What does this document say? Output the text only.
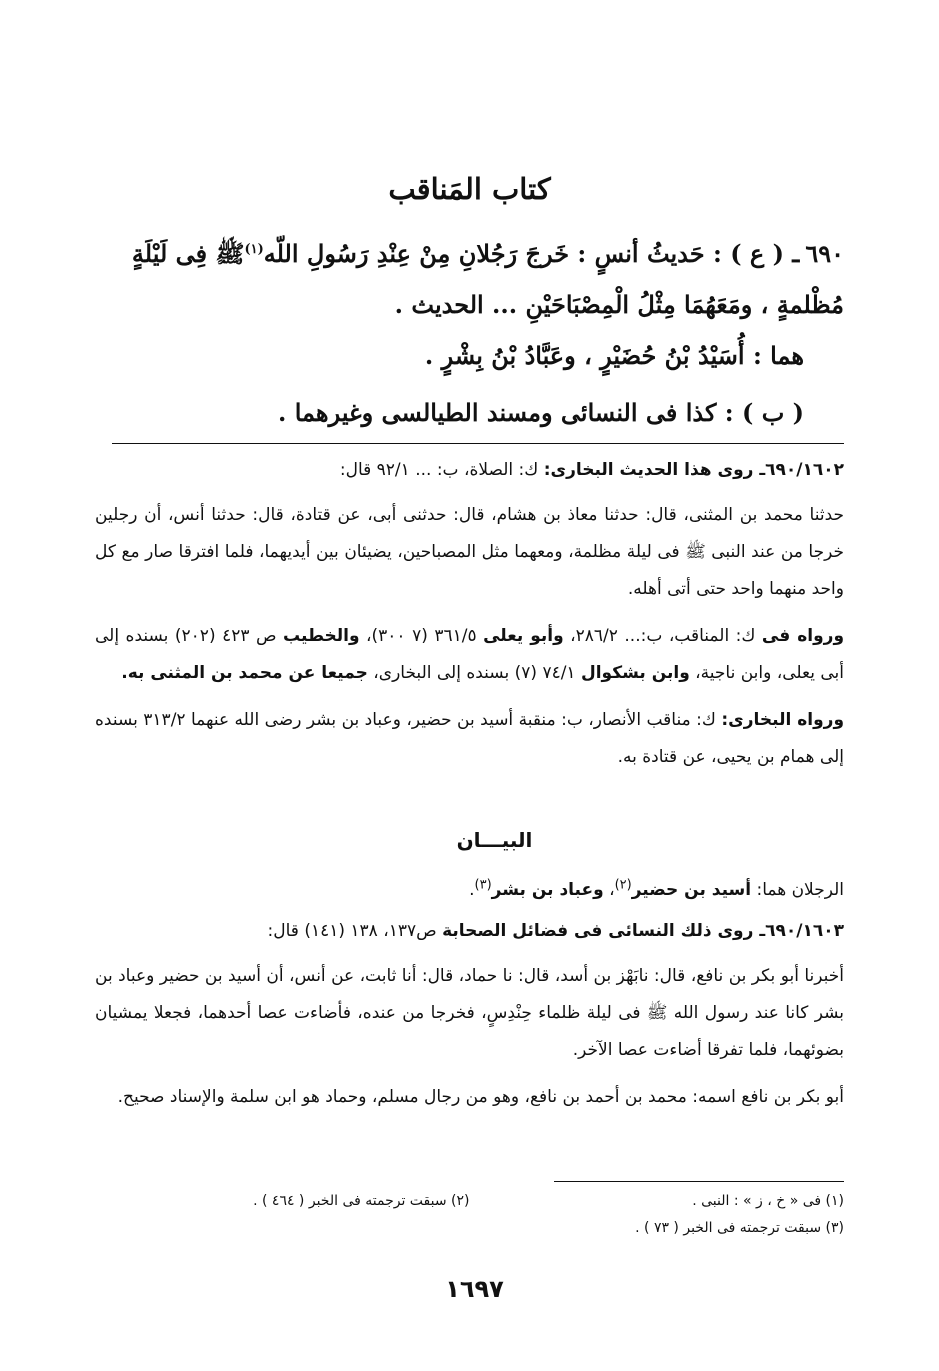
كتاب المَناقب
٦٩٠ـ ( ع ) : حَديثُ أنسٍ : خَرجَ رَجُلانِ مِنْ عِنْدِ رَسُولِ اللّه$^{(١)}$ﷺ فِى لَيْلَةٍ
مُظْلمةٍ ، ومَعَهُمَا مِثْلُ الْمِصْبَاحَيْنِ ... الحديث .
هما : أُسَيْدُ بْنُ حُضَيْرٍ ، وعَبَّادُ بْنُ بِشْرٍ .
( ب ) : كذا فى النسائى ومسند الطيالسى وغيرهما .
٦٩٠/١٦٠٢ـ روى هذا الحديث البخارى: ك: الصلاة، ب: ... ٩٢/١ قال:
حدثنا محمد بن المثنى، قال: حدثنا معاذ بن هشام، قال: حدثنى أبى، عن قتادة، قال: حدثنا أنس، أن رجلين خرجا من عند النبى ﷺ فى ليلة مظلمة، ومعهما مثل المصباحين، يضيئان بين أيديهما، فلما افترقا صار مع كل واحد منهما واحد حتى أتى أهله.
ورواه فى ك: المناقب، ب:... ٢٨٦/٢، وأبو يعلى ٣٦١/٥ (٧ ٣٠٠)، والخطيب ص ٤٢٣ (٢٠٢) بسنده إلى أبى يعلى، وابن ناجية، وابن بشكوال ٧٤/١ (٧) بسنده إلى البخارى، جميعا عن محمد بن المثنى به.
ورواه البخارى: ك: مناقب الأنصار، ب: منقبة أسيد بن حضير، وعباد بن بشر رضى الله عنهما ٣١٣/٢ بسنده إلى همام بن يحيى، عن قتادة به.
البيـــان
الرجلان هما: أسيد بن حضير$^{(٢)}$، وعباد بن بشر$^{(٣)}$.
٦٩٠/١٦٠٣ـ روى ذلك النسائى فى فضائل الصحابة ص١٣٧، ١٣٨ (١٤١) قال:
أخبرنا أبو بكر بن نافع، قال: نابَهْز بن أسد، قال: نا حماد، قال: أنا ثابت، عن أنس، أن أسيد بن حضير وعباد بن بشر كانا عند رسول الله ﷺ فى ليلة ظلماء حِنْدِسٍ، فخرجا من عنده، فأضاءت عصا أحدهما، فجعلا يمشيان بضوئهما، فلما تفرقا أضاءت عصا الآخر.
أبو بكر بن نافع اسمه: محمد بن أحمد بن نافع، وهو من رجال مسلم، وحماد هو ابن سلمة والإسناد صحيح.
(١) فى « خ ، ز » : النبى .
(٢) سبقت ترجمته فى الخبر ( ٤٦٤ ) .
(٣) سبقت ترجمته فى الخبر ( ٧٣ ) .
١٦٩٧
